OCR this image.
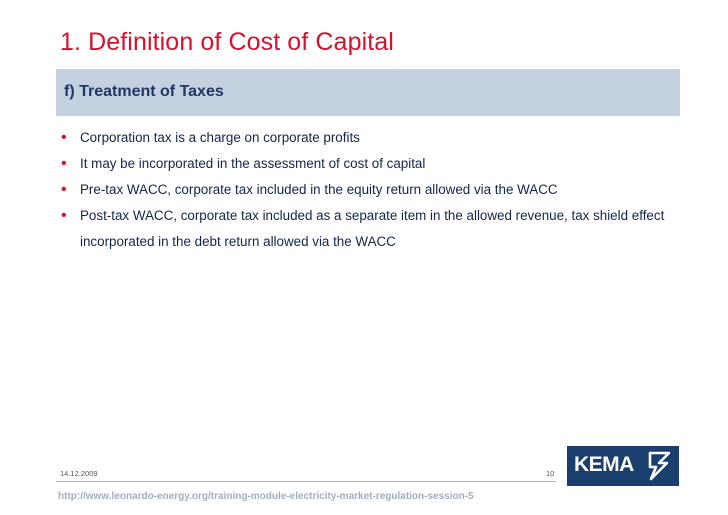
1. Definition of Cost of Capital
f) Treatment of Taxes
• Corporation tax is a charge on corporate profits
• It may be incorporated in the assessment of cost of capital
• Pre-tax WACC, corporate tax included in the equity return allowed via the WACC
• Post-tax WACC, corporate tax included as a separate item in the allowed revenue, tax shield effect incorporated in the debt return allowed via the WACC
14.12.2009	10
http://www.leonardo-energy.org/training-module-electricity-market-regulation-session-5
KEMA
